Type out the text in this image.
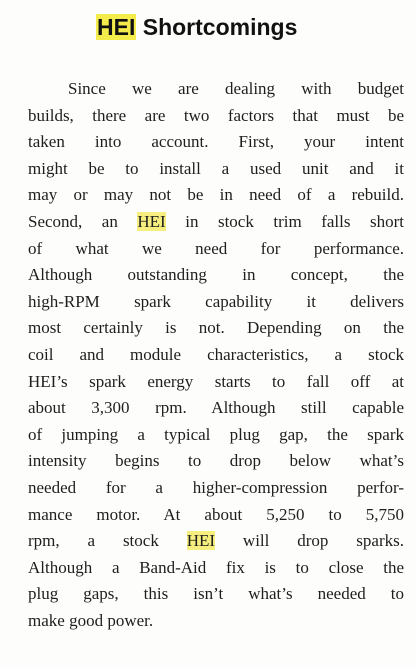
HEI Shortcomings
Since we are dealing with budget
builds, there are two factors that must be
taken into account. First, your intent
might be to install a used unit and it
may or may not be in need of a rebuild.
Second, an HEI in stock trim falls short
of what we need for performance.
Although outstanding in concept, the
high-RPM spark capability it delivers
most certainly is not. Depending on the
coil and module characteristics, a stock
HEI’s spark energy starts to fall off at
about 3,300 rpm. Although still capable
of jumping a typical plug gap, the spark
intensity begins to drop below what’s
needed for a higher-compression perfor-
mance motor. At about 5,250 to 5,750
rpm, a stock HEI will drop sparks.
Although a Band-Aid fix is to close the
plug gaps, this isn’t what’s needed to
make good power.
